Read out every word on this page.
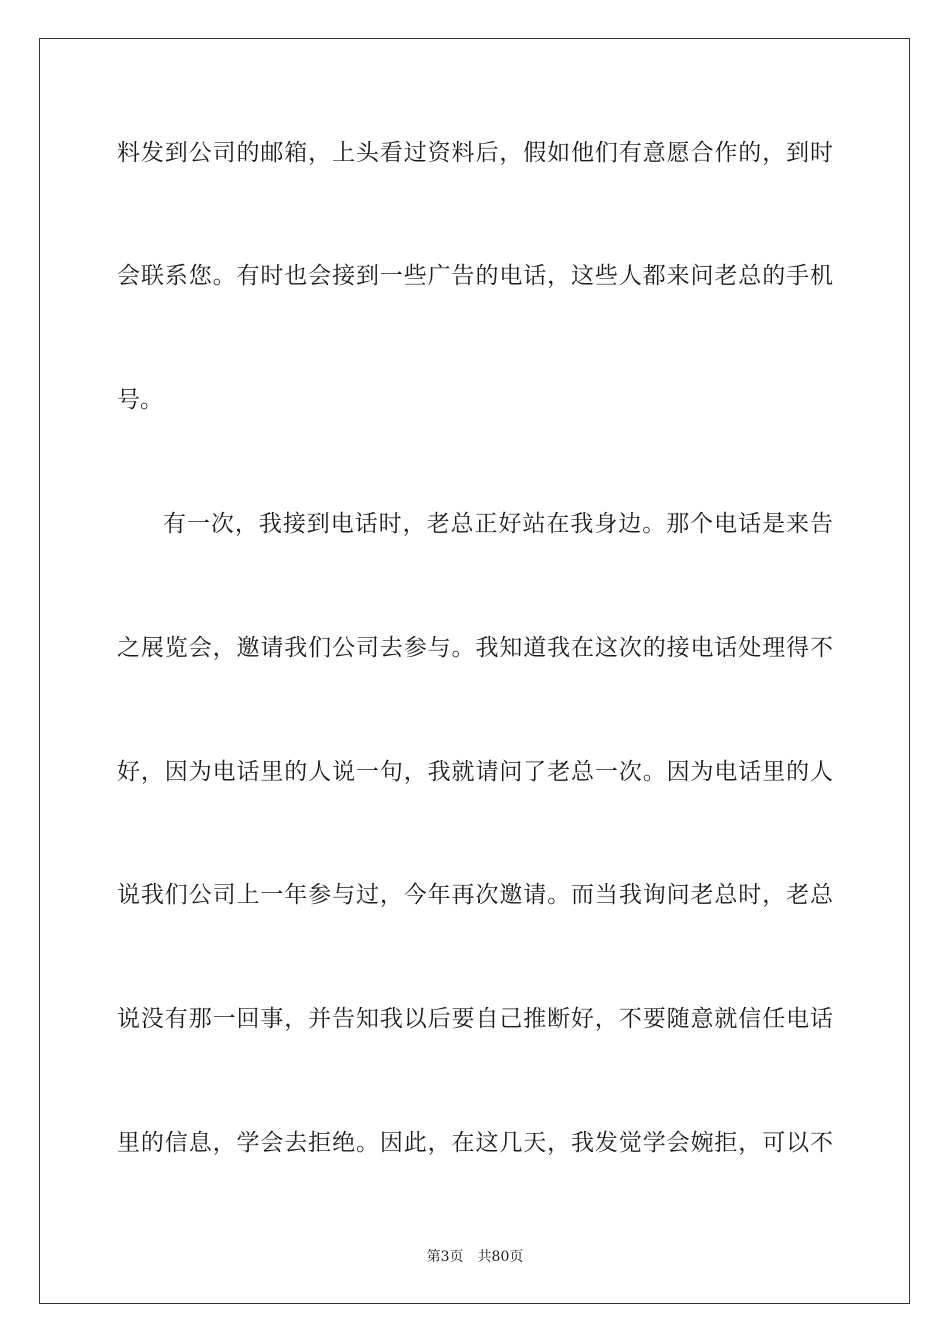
料发到公司的邮箱，上头看过资料后，假如他们有意愿合作的，到时
会联系您。有时也会接到一些广告的电话，这些人都来问老总的手机
号。
有一次，我接到电话时，老总正好站在我身边。那个电话是来告
之展览会，邀请我们公司去参与。我知道我在这次的接电话处理得不
好，因为电话里的人说一句，我就请问了老总一次。因为电话里的人
说我们公司上一年参与过，今年再次邀请。而当我询问老总时，老总
说没有那一回事，并告知我以后要自己推断好，不要随意就信任电话
里的信息，学会去拒绝。因此，在这几天，我发觉学会婉拒，可以不
第3页 共80页
